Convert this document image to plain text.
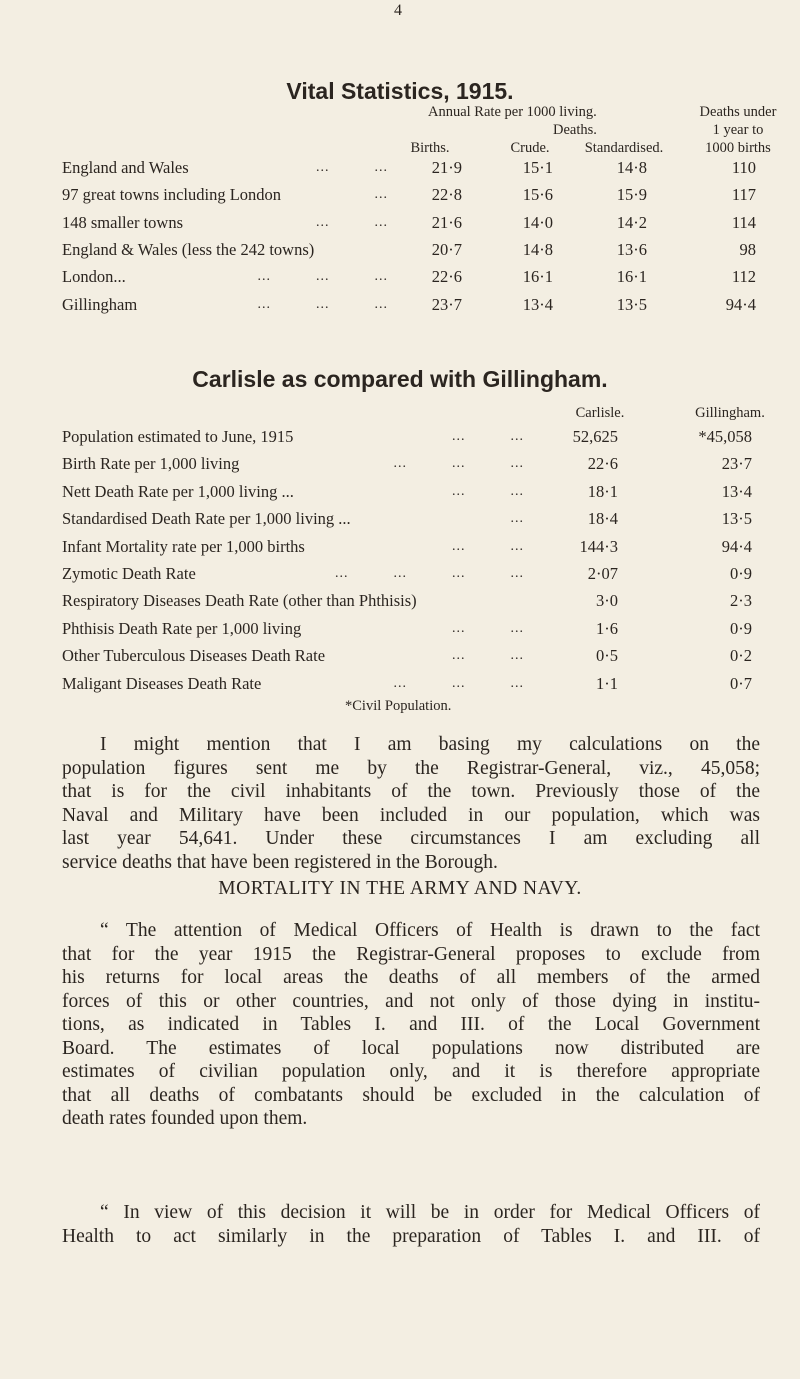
4
Vital Statistics, 1915.
Annual Rate per 1000 living.
Deaths.
Deaths under
1 year to
1000 births
Births.	Crude.	Standardised.
England and Wales	...          ...	21·9	15·1	14·8	110
97 great towns including London	...	22·8	15·6	15·9	117
148 smaller towns	...          ...	21·6	14·0	14·2	114
England & Wales (less the 242 towns)	20·7	14·8	13·6	98
London...	...          ...          ...	22·6	16·1	16·1	112
Gillingham	...          ...          ...	23·7	13·4	13·5	94·4
Carlisle as compared with Gillingham.
Carlisle.	Gillingham.
Population estimated to June, 1915	...          ...	52,625	*45,058
Birth Rate per 1,000 living	...          ...          ...	22·6	23·7
Nett Death Rate per 1,000 living ...	...          ...	18·1	13·4
Standardised Death Rate per 1,000 living ...	...	18·4	13·5
Infant Mortality rate per 1,000 births	...          ...	144·3	94·4
Zymotic Death Rate	...          ...          ...          ...	2·07	0·9
Respiratory Diseases Death Rate (other than Phthisis)	3·0	2·3
Phthisis Death Rate per 1,000 living	...          ...	1·6	0·9
Other Tuberculous Diseases Death Rate	...          ...	0·5	0·2
Maligant Diseases Death Rate	...          ...          ...	1·1	0·7
*Civil Population.
I might mention that I am basing my calculations on the
population figures sent me by the Registrar-General, viz., 45,058;
that is for the civil inhabitants of the town. Previously those of the
Naval and Military have been included in our population, which was
last year 54,641. Under these circumstances I am excluding all
service deaths that have been registered in the Borough.
MORTALITY IN THE ARMY AND NAVY.
“ The attention of Medical Officers of Health is drawn to the fact
that for the year 1915 the Registrar-General proposes to exclude from
his returns for local areas the deaths of all members of the armed
forces of this or other countries, and not only of those dying in institu-
tions, as indicated in Tables I. and III. of the Local Government
Board. The estimates of local populations now distributed are
estimates of civilian population only, and it is therefore appropriate
that all deaths of combatants should be excluded in the calculation of
death rates founded upon them.
“ In view of this decision it will be in order for Medical Officers of
Health to act similarly in the preparation of Tables I. and III. of
